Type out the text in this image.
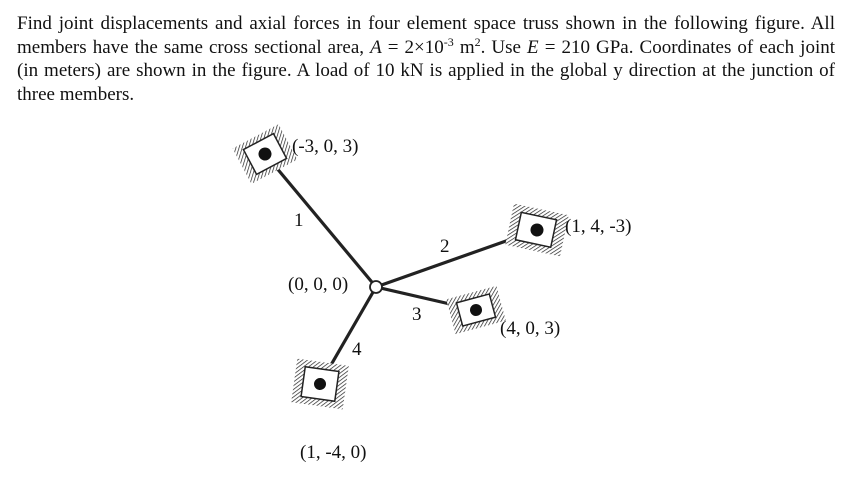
Find joint displacements and axial forces in four element space truss shown in the following figure. All members have the same cross sectional area, $A = 2\times 10^{-3}$ $m^2$. Use E = 210 GPa. Coordinates of each joint (in meters) are shown in the figure. A load of 10 kN is applied in the global y direction at the junction of three members.

(-3, 0, 3)
(1, 4, -3)
(0, 0, 0)
(4, 0, 3)
(1, -4, 0)
1
2
3
4
